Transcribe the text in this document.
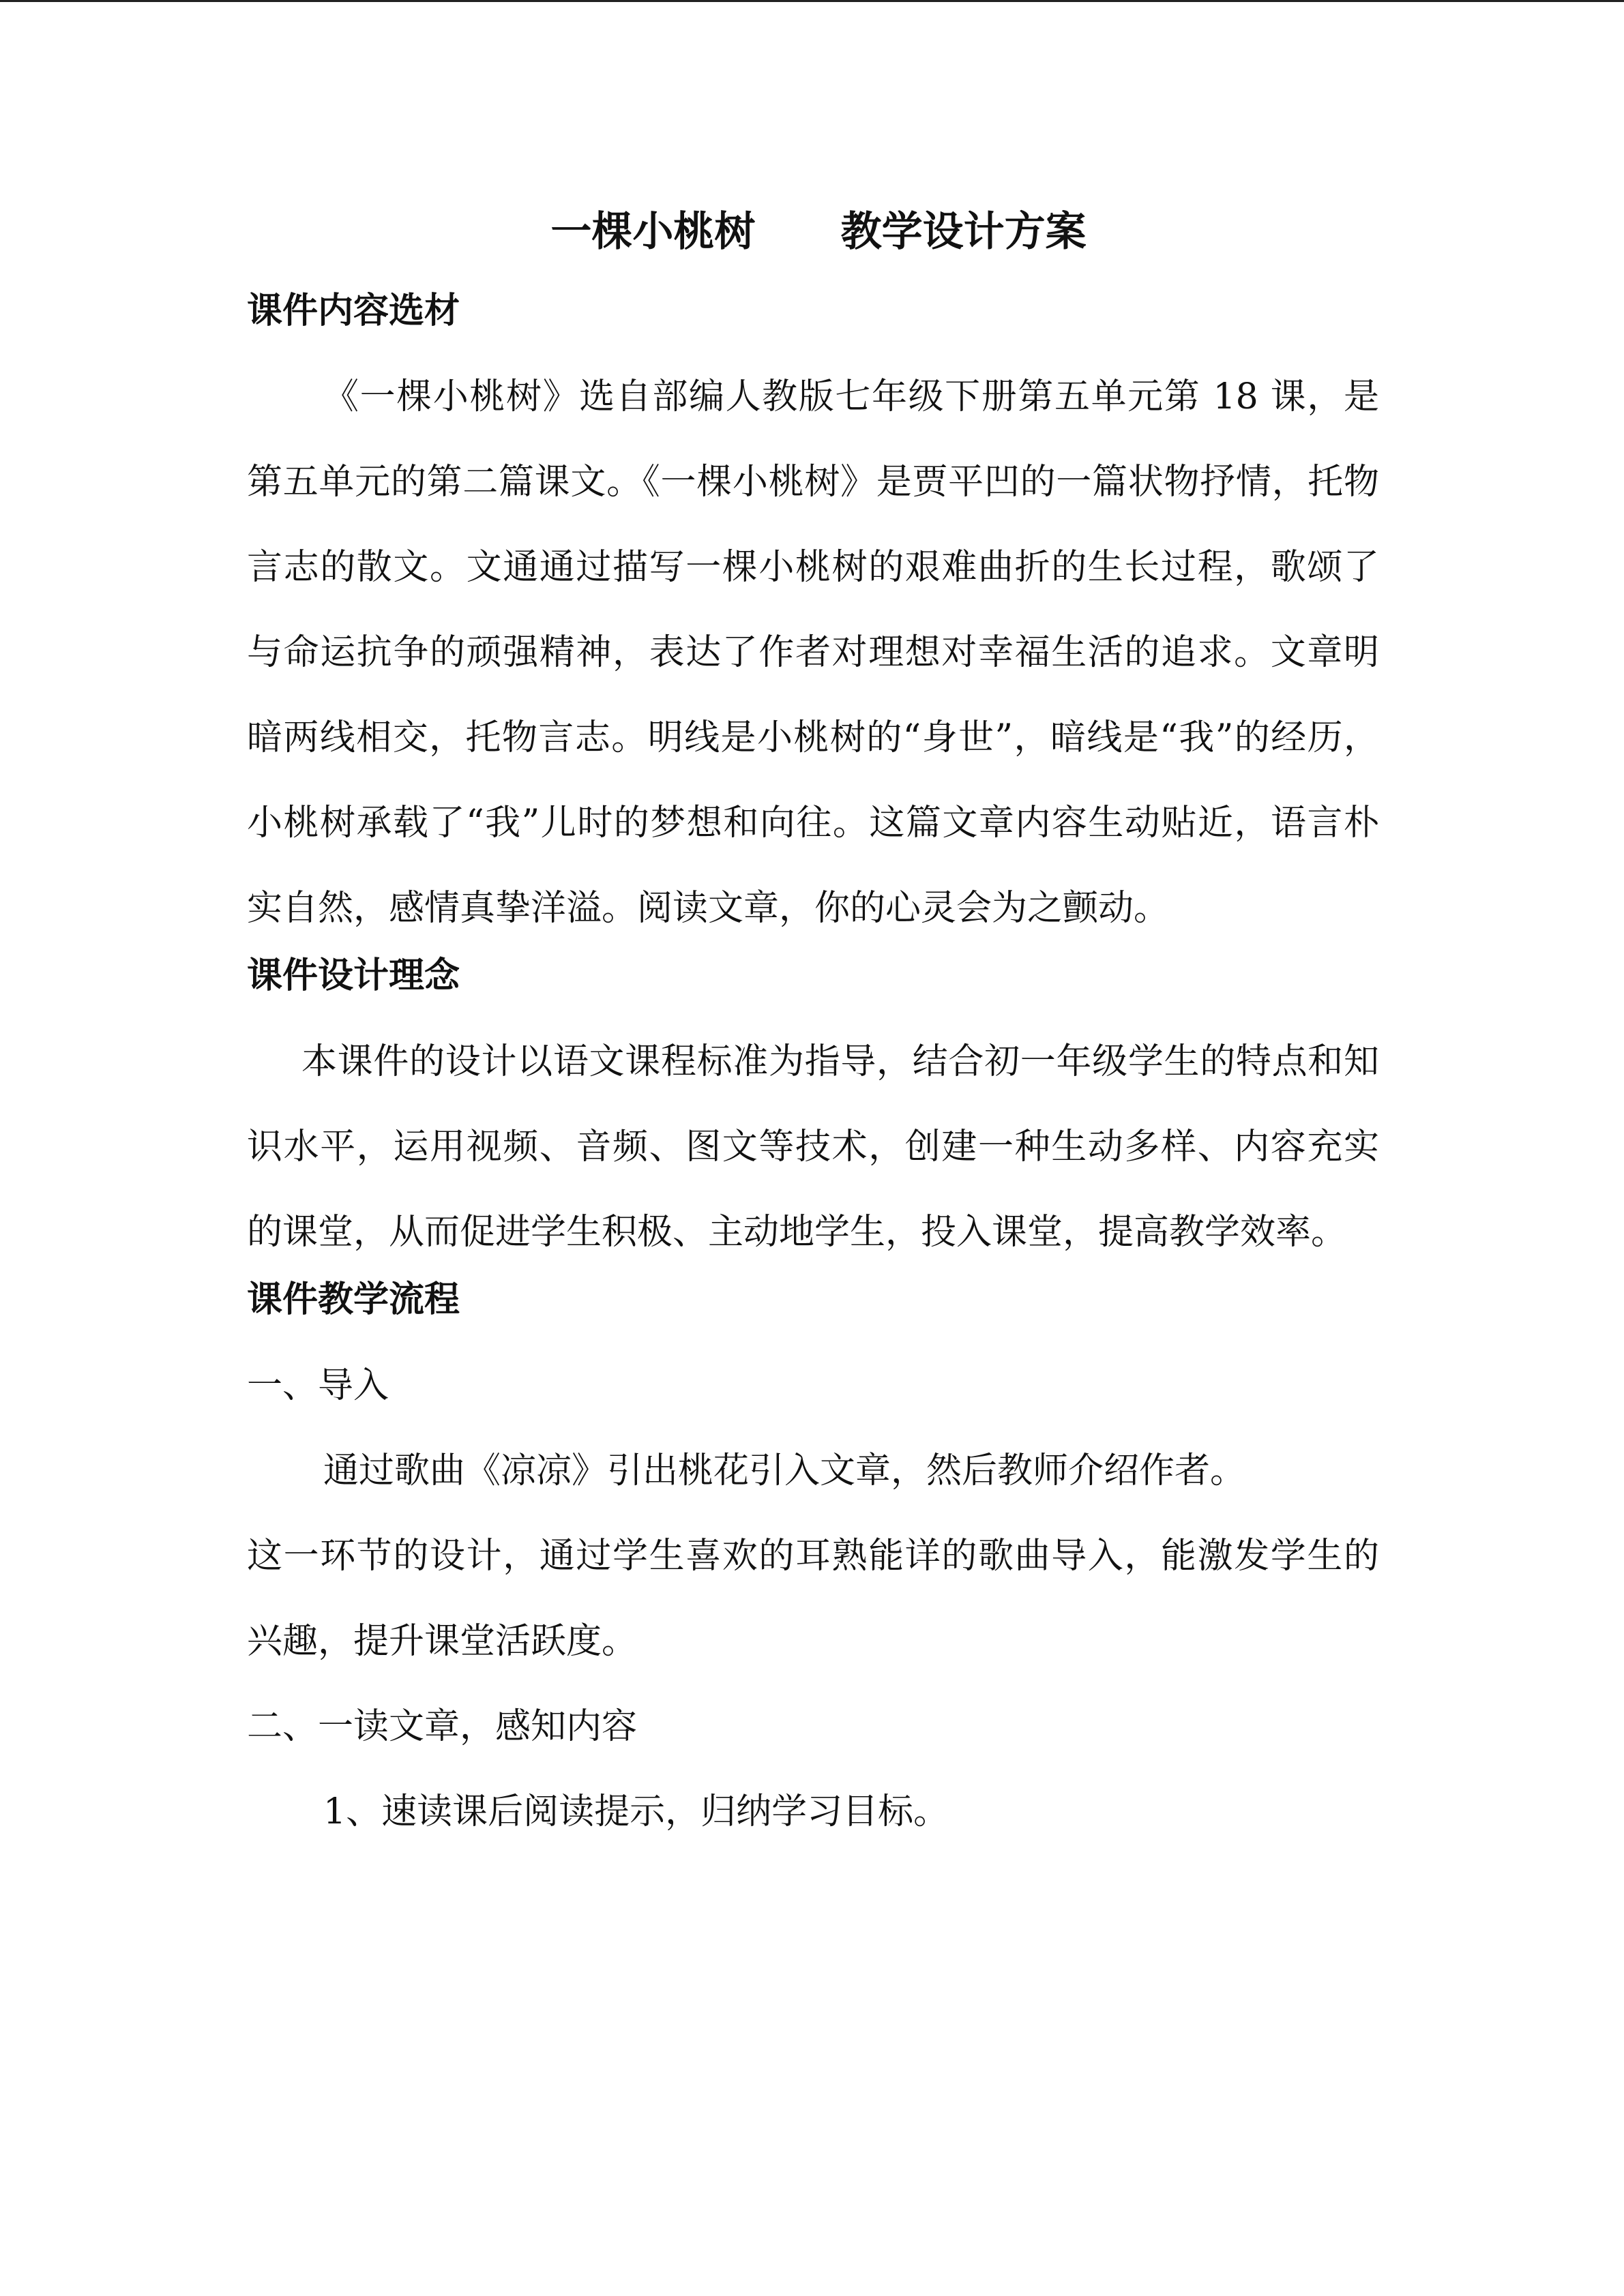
一棵小桃树      教学设计方案
课件内容选材

《一棵小桃树》选自部编人教版七年级下册第五单元第 18 课，是第五单元的第二篇课文。《一棵小桃树》是贾平凹的一篇状物抒情，托物言志的散文。文通通过描写一棵小桃树的艰难曲折的生长过程，歌颂了与命运抗争的顽强精神，表达了作者对理想对幸福生活的追求。文章明暗两线相交，托物言志。明线是小桃树的“身世”，暗线是“我”的经历，小桃树承载了“我”儿时的梦想和向往。这篇文章内容生动贴近，语言朴实自然，感情真挚洋溢。阅读文章，你的心灵会为之颤动。

课件设计理念

本课件的设计以语文课程标准为指导，结合初一年级学生的特点和知识水平，运用视频、音频、图文等技术，创建一种生动多样、内容充实的课堂，从而促进学生积极、主动地学生，投入课堂，提高教学效率。

课件教学流程

一、导入

通过歌曲《凉凉》引出桃花引入文章，然后教师介绍作者。

这一环节的设计，通过学生喜欢的耳熟能详的歌曲导入，能激发学生的兴趣，提升课堂活跃度。

二、一读文章，感知内容

1、速读课后阅读提示，归纳学习目标。
